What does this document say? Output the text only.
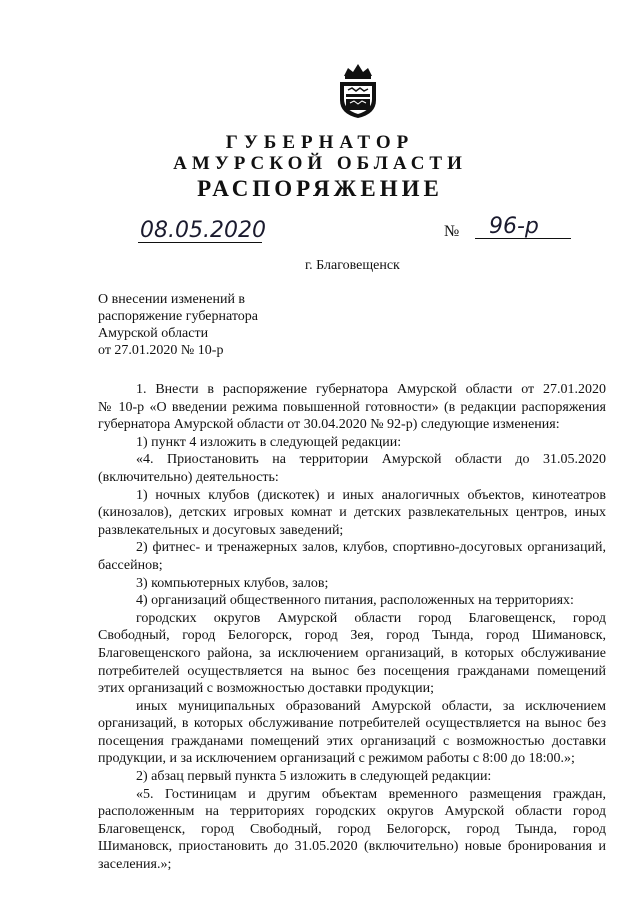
ГУБЕРНАТОР
АМУРСКОЙ ОБЛАСТИ
РАСПОРЯЖЕНИЕ
08.05.2020	№	96-р
г. Благовещенск
О внесении изменений в
распоряжение губернатора
Амурской области
от 27.01.2020 № 10-р
1. Внести в распоряжение губернатора Амурской области от 27.01.2020
№ 10-р «О введении режима повышенной готовности» (в редакции распоряжения
губернатора Амурской области от 30.04.2020 № 92-р) следующие изменения:
1) пункт 4 изложить в следующей редакции:
«4. Приостановить на территории Амурской области до 31.05.2020
(включительно) деятельность:
1) ночных клубов (дискотек) и иных аналогичных объектов, кинотеатров
(кинозалов), детских игровых комнат и детских развлекательных центров, иных
развлекательных и досуговых заведений;
2) фитнес- и тренажерных залов, клубов, спортивно-досуговых организаций,
бассейнов;
3) компьютерных клубов, залов;
4) организаций общественного питания, расположенных на территориях:
городских округов Амурской области город Благовещенск, город
Свободный, город Белогорск, город Зея, город Тында, город Шимановск,
Благовещенского района, за исключением организаций, в которых обслуживание
потребителей осуществляется на вынос без посещения гражданами помещений
этих организаций с возможностью доставки продукции;
иных муниципальных образований Амурской области, за исключением
организаций, в которых обслуживание потребителей осуществляется на вынос без
посещения гражданами помещений этих организаций с возможностью доставки
продукции, и за исключением организаций с режимом работы с 8:00 до 18:00.»;
2) абзац первый пункта 5 изложить в следующей редакции:
«5. Гостиницам и другим объектам временного размещения граждан,
расположенным на территориях городских округов Амурской области город
Благовещенск, город Свободный, город Белогорск, город Тында, город
Шимановск, приостановить до 31.05.2020 (включительно) новые бронирования и
заселения.»;
